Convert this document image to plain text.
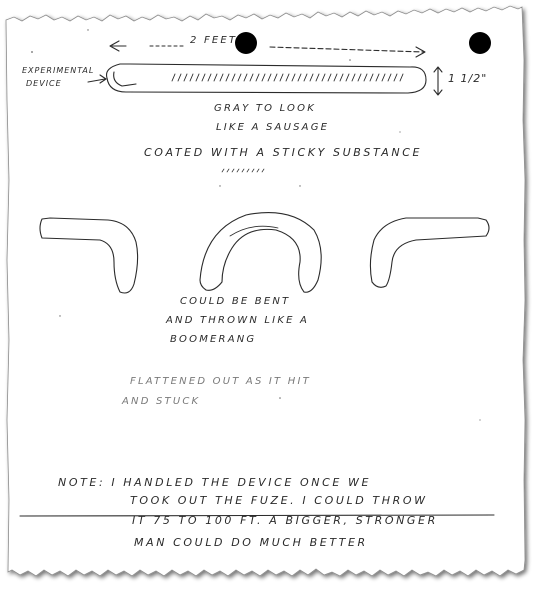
2 FEET

EXPERIMENTAL

DEVICE	1 1/2"

GRAY TO LOOK

LIKE A SAUSAGE

COATED WITH A STICKY SUBSTANCE

COULD BE BENT

AND THROWN LIKE A

BOOMERANG

FLATTENED OUT AS IT HIT

AND STUCK

NOTE: I HANDLED THE DEVICE ONCE WE

TOOK OUT THE FUZE. I COULD THROW

IT 75 TO 100 FT. A BIGGER, STRONGER

MAN COULD DO MUCH BETTER
